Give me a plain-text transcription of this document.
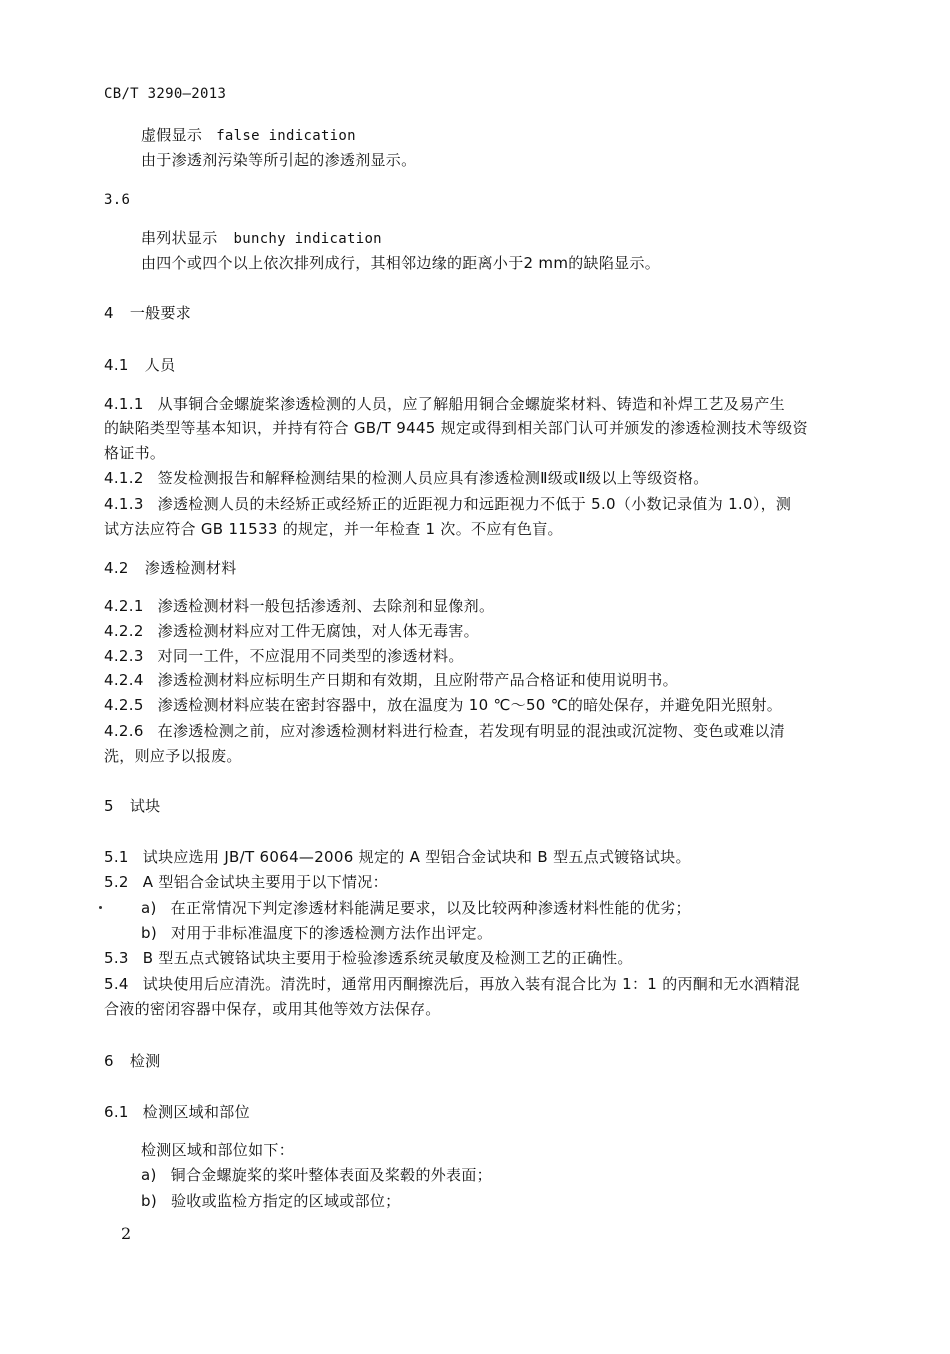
CB/T 3290—2013
虚假显示 false indication
由于渗透剂污染等所引起的渗透剂显示。
3.6
串列状显示 bunchy indication
由四个或四个以上依次排列成行，其相邻边缘的距离小于2 mm的缺陷显示。
4 一般要求
4.1 人员
4.1.1 从事铜合金螺旋桨渗透检测的人员，应了解船用铜合金螺旋桨材料、铸造和补焊工艺及易产生
的缺陷类型等基本知识，并持有符合 GB/T 9445 规定或得到相关部门认可并颁发的渗透检测技术等级资
格证书。
4.1.2 签发检测报告和解释检测结果的检测人员应具有渗透检测Ⅱ级或Ⅱ级以上等级资格。
4.1.3 渗透检测人员的未经矫正或经矫正的近距视力和远距视力不低于 5.0（小数记录值为 1.0），测
试方法应符合 GB 11533 的规定，并一年检查 1 次。不应有色盲。
4.2 渗透检测材料
4.2.1 渗透检测材料一般包括渗透剂、去除剂和显像剂。
4.2.2 渗透检测材料应对工件无腐蚀，对人体无毒害。
4.2.3 对同一工件，不应混用不同类型的渗透材料。
4.2.4 渗透检测材料应标明生产日期和有效期，且应附带产品合格证和使用说明书。
4.2.5 渗透检测材料应装在密封容器中，放在温度为 10 ℃～50 ℃的暗处保存，并避免阳光照射。
4.2.6 在渗透检测之前，应对渗透检测材料进行检查，若发现有明显的混浊或沉淀物、变色或难以清
洗，则应予以报废。
5 试块
5.1 试块应选用 JB/T 6064—2006 规定的 A 型铝合金试块和 B 型五点式镀铬试块。
5.2 A 型铝合金试块主要用于以下情况：
a) 在正常情况下判定渗透材料能满足要求，以及比较两种渗透材料性能的优劣；
b) 对用于非标准温度下的渗透检测方法作出评定。
5.3 B 型五点式镀铬试块主要用于检验渗透系统灵敏度及检测工艺的正确性。
5.4 试块使用后应清洗。清洗时，通常用丙酮擦洗后，再放入装有混合比为 1：1 的丙酮和无水酒精混
合液的密闭容器中保存，或用其他等效方法保存。
6 检测
6.1 检测区域和部位
检测区域和部位如下：
a) 铜合金螺旋桨的桨叶整体表面及桨毂的外表面；
b) 验收或监检方指定的区域或部位；
2
